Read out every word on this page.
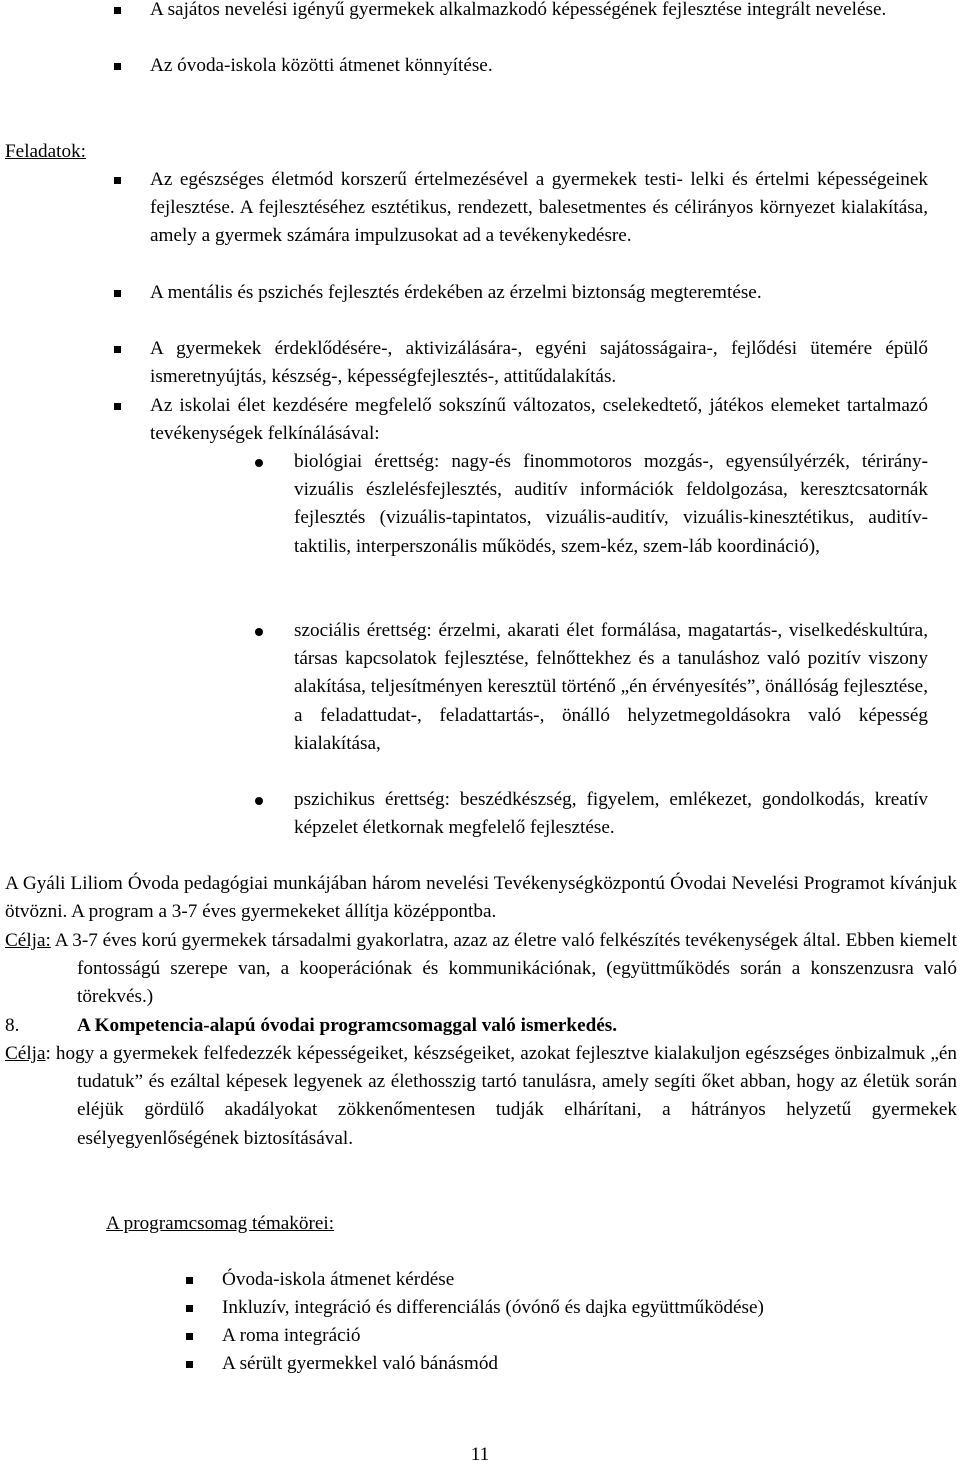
A sajátos nevelési igényű gyermekek alkalmazkodó képességének fejlesztése integrált nevelése.
Az óvoda-iskola közötti átmenet könnyítése.
Feladatok:
Az egészséges életmód korszerű értelmezésével a gyermekek testi- lelki és értelmi képességeinek fejlesztése. A fejlesztéséhez esztétikus, rendezett, balesetmentes és célirányos környezet kialakítása, amely a gyermek számára impulzusokat ad a tevékenykedésre.
A mentális és pszichés fejlesztés érdekében az érzelmi biztonság megteremtése.
A gyermekek érdeklődésére-, aktivizálására-, egyéni sajátosságaira-, fejlődési ütemére épülő ismeretnyújtás, készség-, képességfejlesztés-, attitűdalakítás.
Az iskolai élet kezdésére megfelelő sokszínű változatos, cselekedtető, játékos elemeket tartalmazó tevékenységek felkínálásával:
biológiai érettség: nagy-és finommotoros mozgás-, egyensúlyérzék, térirány-vizuális észlelésfejlesztés, auditív információk feldolgozása, keresztcsatornák fejlesztés (vizuális-tapintatos, vizuális-auditív, vizuális-kinesztétikus, auditív-taktilis, interperszonális működés, szem-kéz, szem-láb koordináció),
szociális érettség: érzelmi, akarati élet formálása, magatartás-, viselkedéskultúra, társas kapcsolatok fejlesztése, felnőttekhez és a tanuláshoz való pozitív viszony alakítása, teljesítményen keresztül történő „én érvényesítés”, önállóság fejlesztése, a feladattudat-, feladattartás-, önálló helyzetmegoldásokra való képesség kialakítása,
pszichikus érettség: beszédkészség, figyelem, emlékezet, gondolkodás, kreatív képzelet életkornak megfelelő fejlesztése.
A Gyáli Liliom Óvoda pedagógiai munkájában három nevelési Tevékenységközpontú Óvodai Nevelési Programot kívánjuk ötvözni. A program a 3-7 éves gyermekeket állítja középpontba.
Célja: A 3-7 éves korú gyermekek társadalmi gyakorlatra, azaz az életre való felkészítés tevékenységek által. Ebben kiemelt fontosságú szerepe van, a kooperációnak és kommunikációnak, (együttműködés során a konszenzusra való törekvés.)
8.	A Kompetencia-alapú óvodai programcsomaggal való ismerkedés.
Célja: hogy a gyermekek felfedezzék képességeiket, készségeiket, azokat fejlesztve kialakuljon egészséges önbizalmuk „én tudatuk” és ezáltal képesek legyenek az élethosszig tartó tanulásra, amely segíti őket abban, hogy az életük során eléjük gördülő akadályokat zökkenőmentesen tudják elhárítani, a hátrányos helyzetű gyermekek esélyegyenlőségének biztosításával.
A programcsomag témakörei:
Óvoda-iskola átmenet kérdése
Inkluzív, integráció és differenciálás (óvónő és dajka együttműködése)
A roma integráció
A sérült gyermekkel való bánásmód
11
